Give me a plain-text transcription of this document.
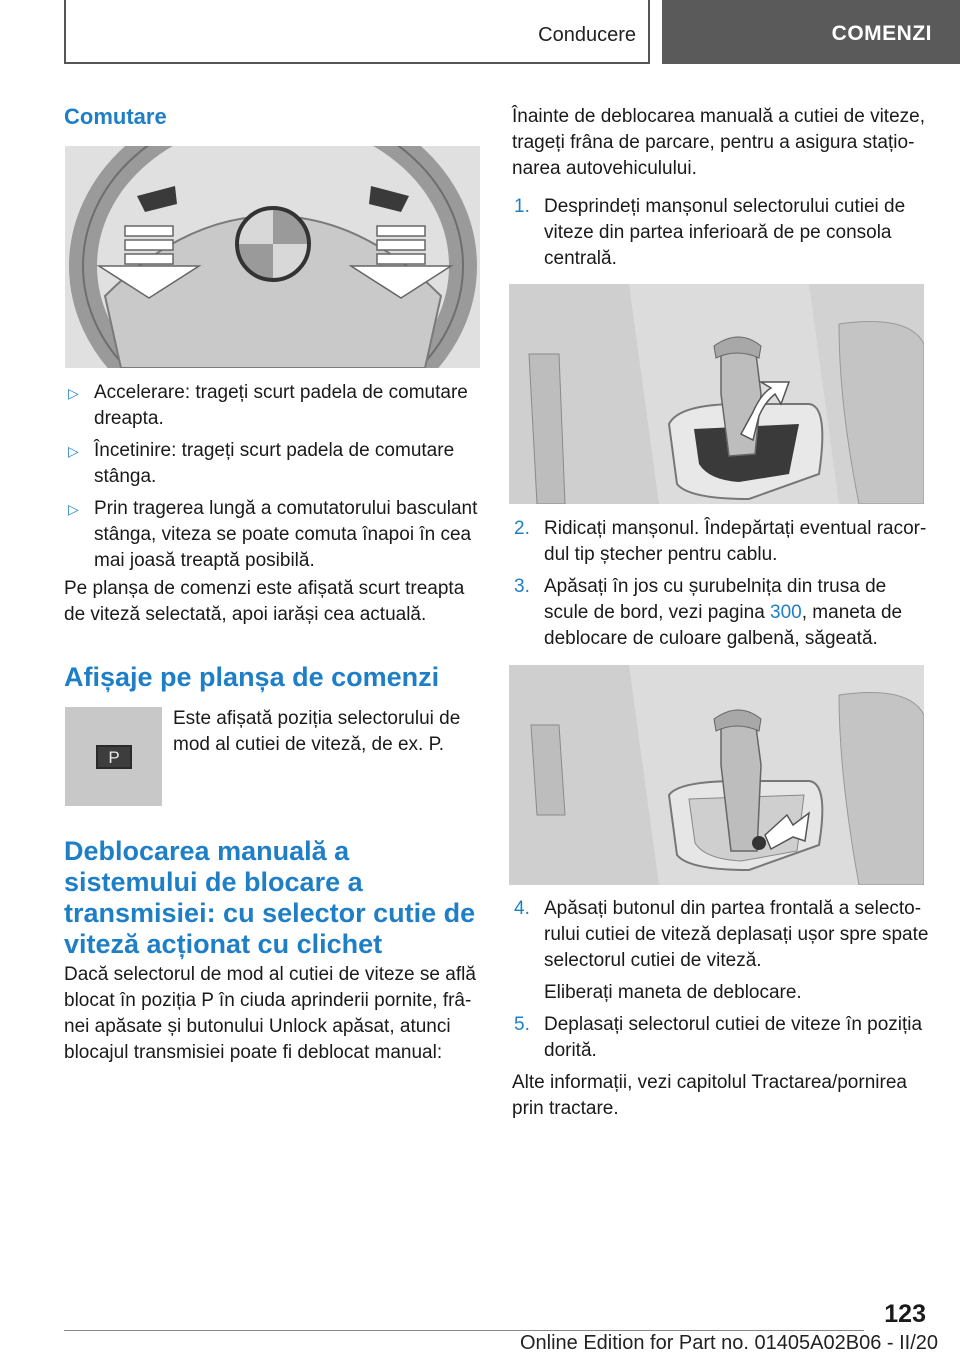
Conducere	COMENZI
Comutare
▷ Accelerare: trageți scurt padela de comutare dreapta.
▷ Încetinire: trageți scurt padela de comutare stânga.
▷ Prin tragerea lungă a comutatorului basculant stânga, viteza se poate comuta înapoi în cea mai joasă treaptă posibilă.
Pe planșa de comenzi este afișată scurt treapta de viteză selectată, apoi iarăși cea actuală.
Afișaje pe planșa de comenzi
P
Este afișată poziția selectorului de mod al cutiei de viteză, de ex. P.
Deblocarea manuală a sistemului de blocare a transmisiei: cu selector cutie de viteză acționat cu clichet
Dacă selectorul de mod al cutiei de viteze se află blocat în poziția P în ciuda aprinderii pornite, frânei apăsate și butonului Unlock apăsat, atunci blocajul transmisiei poate fi deblocat manual:
Înainte de deblocarea manuală a cutiei de viteze, trageți frâna de parcare, pentru a asigura staționarea autovehiculului.
1. Desprindeți manșonul selectorului cutiei de viteze din partea inferioară de pe consola centrală.
2. Ridicați manșonul. Îndepărtați eventual racordul tip ștecher pentru cablu.
3. Apăsați în jos cu șurubelnița din trusa de scule de bord, vezi pagina 300, maneta de deblocare de culoare galbenă, săgeată.
4. Apăsați butonul din partea frontală a selectorului cutiei de viteză deplasați ușor spre spate selectorul cutiei de viteză.
Eliberați maneta de deblocare.
5. Deplasați selectorul cutiei de viteze în poziția dorită.
Alte informații, vezi capitolul Tractarea/pornirea prin tractare.
123
Online Edition for Part no. 01405A02B06 - II/20
